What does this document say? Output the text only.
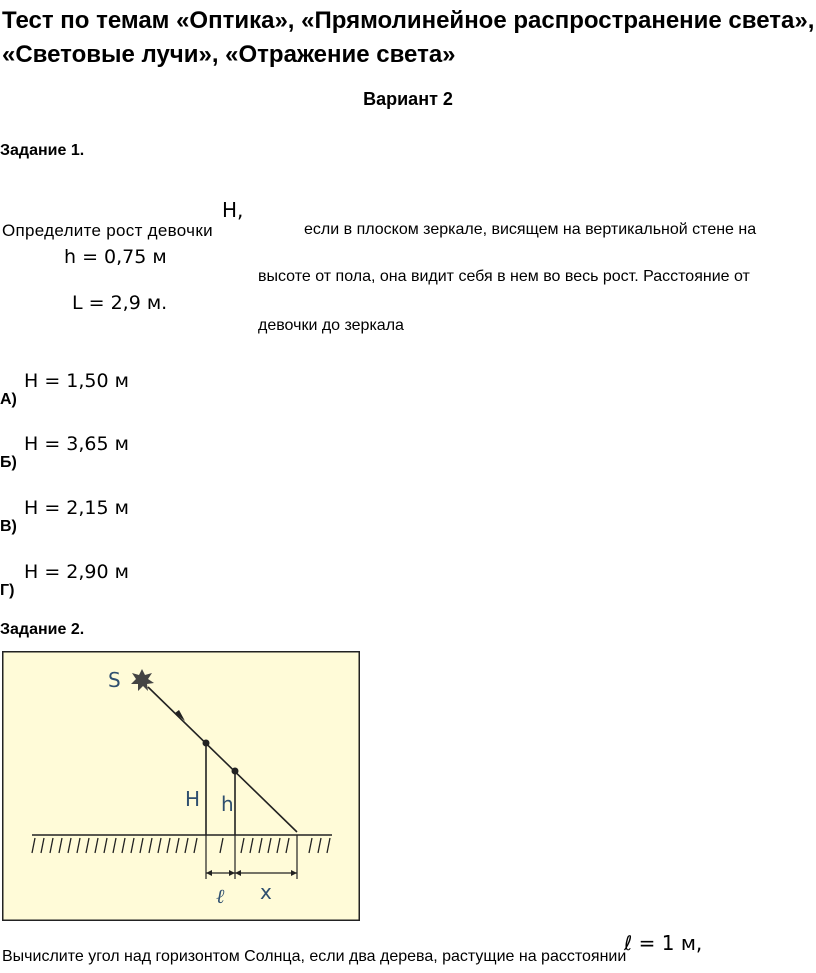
Тест по темам «Оптика», «Прямолинейное распространение света»,
«Световые лучи», «Отражение света»
Вариант 2
Задание 1.
Определите рост девочки
H,
если в плоском зеркале, висящем на вертикальной стене на
h = 0,75 м
высоте от пола, она видит себя в нем во весь рост. Расстояние от
L = 2,9 м.
девочки до зеркала
А)
H = 1,50 м
Б)
H = 3,65 м
В)
H = 2,15 м
Г)
H = 2,90 м
Задание 2.
S
H h
ℓ x
Вычислите угол над горизонтом Солнца, если два дерева, растущие на расстоянии
ℓ = 1 м,
